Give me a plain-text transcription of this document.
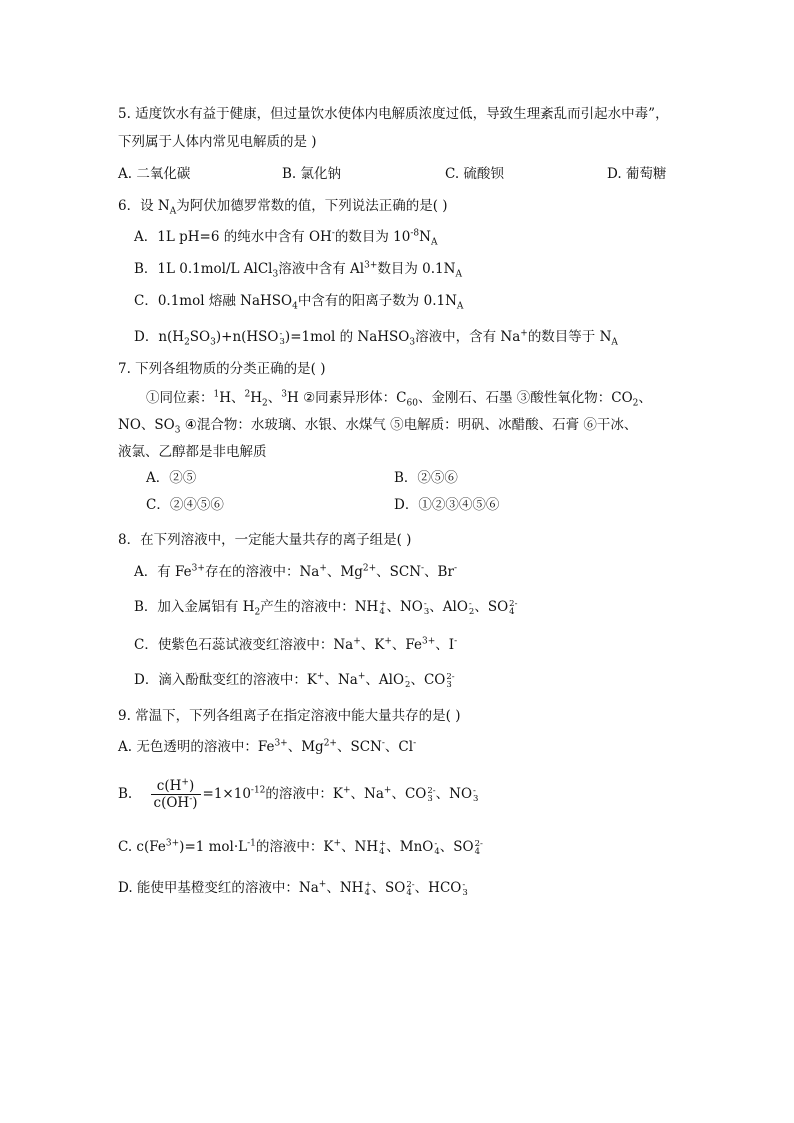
5. 适度饮水有益于健康，但过量饮水使体内电解质浓度过低，导致生理紊乱而引起水中毒”，
下列属于人体内常见电解质的是 )
A. 二氧化碳	B. 氯化钠	C. 硫酸钡	D. 葡萄糖
6．设 $N_A$为阿伏加德罗常数的值，下列说法正确的是( )
A．1L pH=6 的纯水中含有 OH-的数目为 $10^{-8}N_A$
B．1L 0.1mol/L AlCl$_3$溶液中含有 $Al^{3+}$数目为 $0.1N_A$
C．0.1mol 熔融 NaHSO$_4$中含有的阳离子数为 $0.1N_A$
D．$n(H_2SO_3)+n(HSO$ -
3 )=1mol 的 NaHSO$_3$溶液中，含有 Na+的数目等于 $N_A$
7. 下列各组物质的分类正确的是( )
①同位素：$^1$H、$^2H_2$、$^3$H ②同素异形体：$C_{60}$、金刚石、石墨 ③酸性氧化物：$CO_2$、
NO、$SO_3$ ④混合物：水玻璃、水银、水煤气 ⑤电解质：明矾、冰醋酸、石膏 ⑥干冰、
液氯、乙醇都是非电解质
A．②⑤	B．②⑤⑥
C．②④⑤⑥	D．①②③④⑤⑥
8．在下列溶液中，一定能大量共存的离子组是( )
A．有 $Fe^{3+}$存在的溶液中：Na+、$Mg^{2+}$、SCN-、Br-
B．加入金属铝有 $H_2$产生的溶液中：NH +
4 、NO -
3 、AlO -
2 、SO 2-
4
C．使紫色石蕊试液变红溶液中：Na+、K+、$Fe^{3+}$、I-
D．滴入酚酞变红的溶液中：K+、Na+、AlO -
2 、CO 2-
3
9. 常温下，下列各组离子在指定溶液中能大量共存的是( )
A. 无色透明的溶液中：$Fe^{3+}$、$Mg^{2+}$、SCN-、Cl-
B. $\frac{c(H^+)}{c(OH^-)} =1\times 10^{-12}$的溶液中：K+、Na+、CO 2-
3 、NO -
3
C. $c(Fe^{3+})=1$ $mol\cdot L^{-1}$的溶液中：K+、NH +
4 、MnO -
4 、SO 2-
4
D. 能使甲基橙变红的溶液中：Na+、NH +
4 、SO 2-
4 、HCO -
3
